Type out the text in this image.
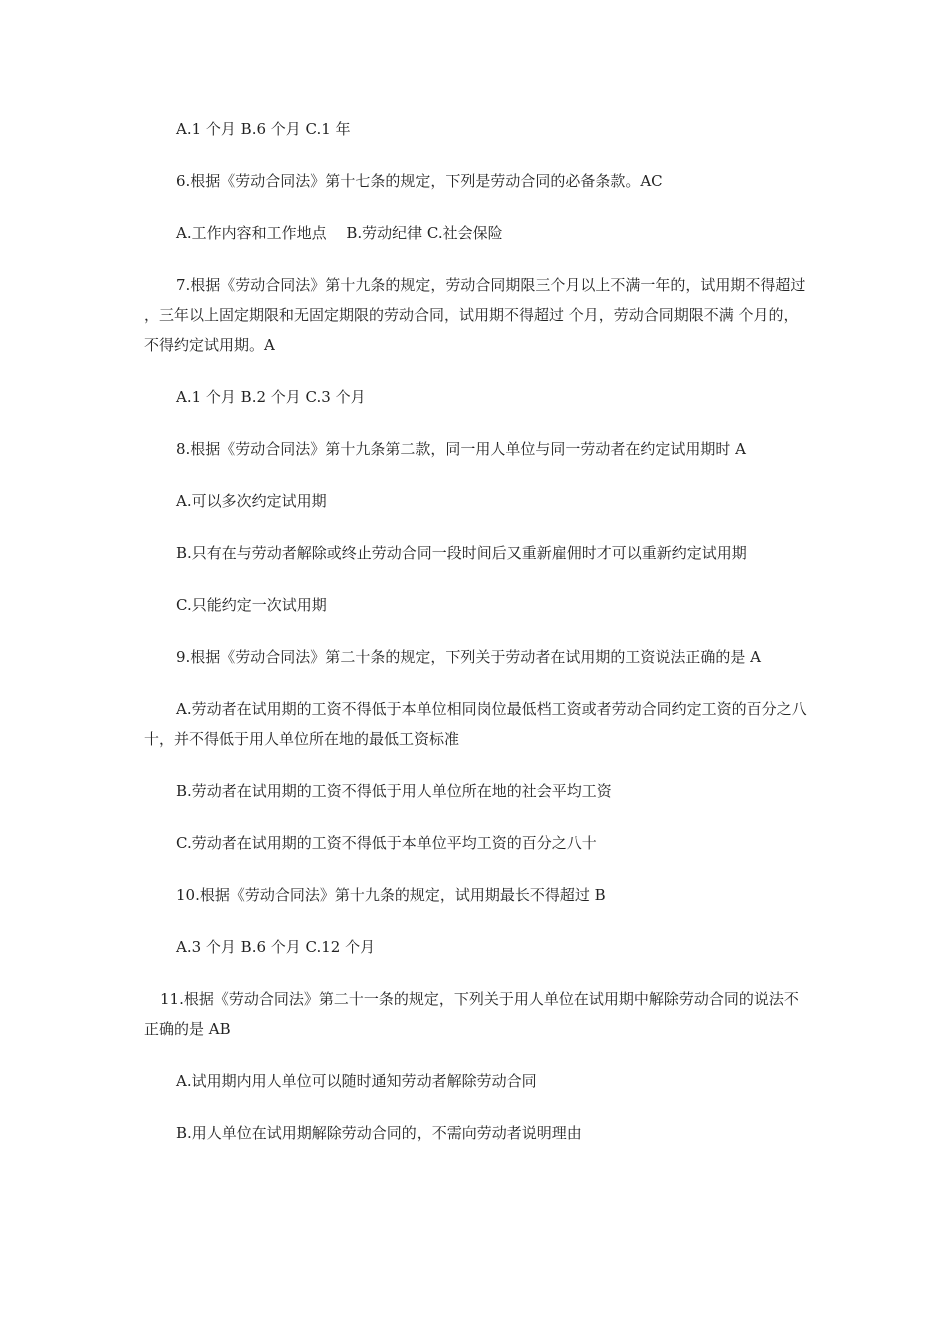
A.1 个月 B.6 个月 C.1 年

6.根据《劳动合同法》第十七条的规定，下列是劳动合同的必备条款。AC

A.工作内容和工作地点　 B.劳动纪律 C.社会保险

7.根据《劳动合同法》第十九条的规定，劳动合同期限三个月以上不满一年的，试用期不得超过 ，三年以上固定期限和无固定期限的劳动合同，试用期不得超过 个月，劳动合同期限不满 个月的，不得约定试用期。A

A.1 个月 B.2 个月 C.3 个月

8.根据《劳动合同法》第十九条第二款，同一用人单位与同一劳动者在约定试用期时 A

A.可以多次约定试用期

B.只有在与劳动者解除或终止劳动合同一段时间后又重新雇佣时才可以重新约定试用期

C.只能约定一次试用期

9.根据《劳动合同法》第二十条的规定，下列关于劳动者在试用期的工资说法正确的是 A

A.劳动者在试用期的工资不得低于本单位相同岗位最低档工资或者劳动合同约定工资的百分之八十，并不得低于用人单位所在地的最低工资标准

B.劳动者在试用期的工资不得低于用人单位所在地的社会平均工资

C.劳动者在试用期的工资不得低于本单位平均工资的百分之八十

10.根据《劳动合同法》第十九条的规定，试用期最长不得超过 B

A.3 个月 B.6 个月 C.12 个月

11.根据《劳动合同法》第二十一条的规定，下列关于用人单位在试用期中解除劳动合同的说法不正确的是 AB

A.试用期内用人单位可以随时通知劳动者解除劳动合同

B.用人单位在试用期解除劳动合同的，不需向劳动者说明理由
